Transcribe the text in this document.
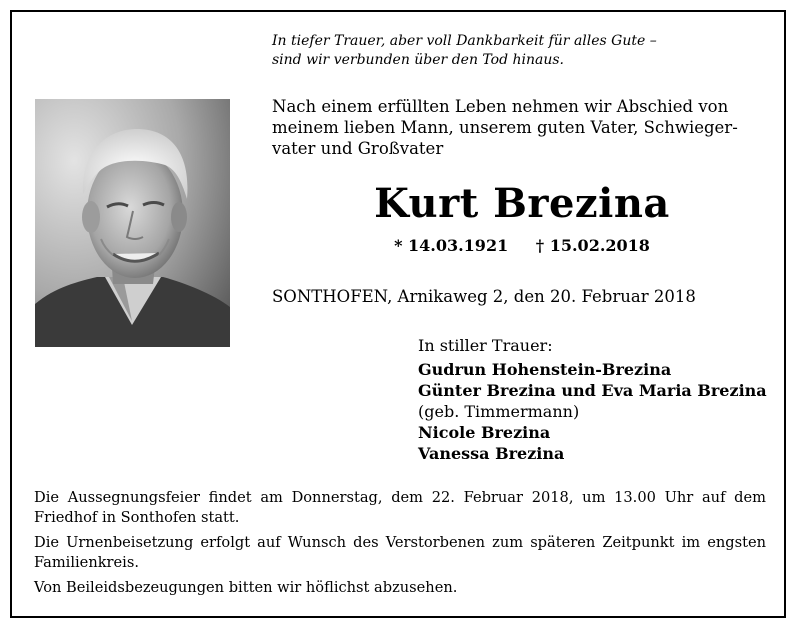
In tiefer Trauer, aber voll Dankbarkeit für alles Gute –
sind wir verbunden über den Tod hinaus.
Nach einem erfüllten Leben nehmen wir Abschied von
meinem lieben Mann, unserem guten Vater, Schwieger-
vater und Großvater
Kurt Brezina
* 14.03.1921 † 15.02.2018
SONTHOFEN, Arnikaweg 2, den 20. Februar 2018
In stiller Trauer:
Gudrun Hohenstein-Brezina
Günter Brezina und Eva Maria Brezina
(geb. Timmermann)
Nicole Brezina
Vanessa Brezina

Die Aussegnungsfeier findet am Donnerstag, dem 22. Februar 2018, um 13.00 Uhr auf dem Friedhof in Sonthofen statt.

Die Urnenbeisetzung erfolgt auf Wunsch des Verstorbenen zum späteren Zeitpunkt im engsten Familienkreis.

Von Beileidsbezeugungen bitten wir höflichst abzusehen.
